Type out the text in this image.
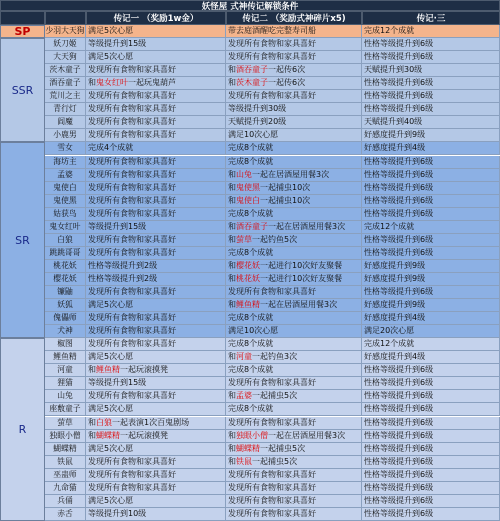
妖怪屋 式神传记解锁条件
传记一 （奖励1w金）	传记二 （奖励式神碎片x5)	传记·三
少羽大天狗 满足5次心愿	带去庭酒醒吃完整寿司船	完成12个成就
SP
妖刀姬	等级提升到15级	发现所有食物和家具喜好	性格等级提升到6级
大天狗	满足5次心愿	发现所有食物和家具喜好	性格等级提升到6级
茨木童子 发现所有食物和家具喜好	和酒吞童子一起传6次	天赋提升到30级
酒吞童子 和鬼女红叶一起玩鬼葫芦	和茨木童子一起传6次	性格等级提升到6级
荒川之主 发现所有食物和家具喜好	发现所有食物和家具喜好	性格等级提升到6级
青行灯	发现所有食物和家具喜好	等级提升到30级	性格等级提升到6级
阎魔	发现所有食物和家具喜好	天赋提升到20级	天赋提升到40级
小鹿男	发现所有食物和家具喜好	满足10次心愿	好感度提升到9级
SSR
雪女	完成4个成就	完成8个成就	好感度提升到4级
海坊主	发现所有食物和家具喜好	完成8个成就	性格等级提升到6级
孟婆	发现所有食物和家具喜好	和山兔一起在居酒屋用餐3次	性格等级提升到6级
鬼使白	发现所有食物和家具喜好	和鬼使黑一起捕虫10次	性格等级提升到6级
鬼使黑	发现所有食物和家具喜好	和鬼使白一起捕虫10次	性格等级提升到6级
姑获鸟	发现所有食物和家具喜好	完成8个成就	性格等级提升到6级
鬼女红叶 等级提升到15级	和酒吞童子一起在居酒屋用餐3次	完成12个成就
白狼	发现所有食物和家具喜好	和萤草一起钓鱼5次	性格等级提升到6级
跳跳哥哥 发现所有食物和家具喜好	完成8个成就	性格等级提升到6级
桃花妖	性格等级提升到2级	和樱花妖一起进行10次好友聚餐	好感度提升到9级
樱花妖	性格等级提升到2级	和桃花妖一起进行10次好友聚餐	好感度提升到9级
镰鼬	发现所有食物和家具喜好	发现所有食物和家具喜好	性格等级提升到6级
妖狐	满足5次心愿	和鲤鱼精一起在居酒屋用餐3次	好感度提升到9级
傀儡师	发现所有食物和家具喜好	完成8个成就	好感度提升到4级
犬神	发现所有食物和家具喜好	满足10次心愿	满足20次心愿
SR
椒图	发现所有食物和家具喜好	完成8个成就	完成12个成就
鲤鱼精	满足5次心愿	和河童一起钓鱼3次	好感度提升到4级
河童	和鲤鱼精一起玩滚摸凳	完成8个成就	性格等级提升到6级
狸猫	等级提升到15级	发现所有食物和家具喜好	性格等级提升到6级
山兔	发现所有食物和家具喜好	和孟婆一起捕虫5次	性格等级提升到6级
座敷童子 满足5次心愿	完成8个成就	性格等级提升到6级
萤草	和白狼一起表演1次百鬼剧场	发现所有食物和家具喜好	性格等级提升到6级
独眼小僧 和蝴蝶精一起玩滚摸凳	和独眼小僧一起在居酒屋用餐3次	性格等级提升到6级
蝴蝶精	满足5次心愿	和蝴蝶精一起捕虫5次	性格等级提升到6级
铁鼠	发现所有食物和家具喜好	和铁鼠一起捕虫5次	性格等级提升到6级
巫蛊师	发现所有食物和家具喜好	发现所有食物和家具喜好	性格等级提升到6级
九命猫	发现所有食物和家具喜好	发现所有食物和家具喜好	性格等级提升到6级
兵俑	满足5次心愿	发现所有食物和家具喜好	性格等级提升到6级
赤舌	等级提升到10级	发现所有食物和家具喜好	性格等级提升到6级
R
